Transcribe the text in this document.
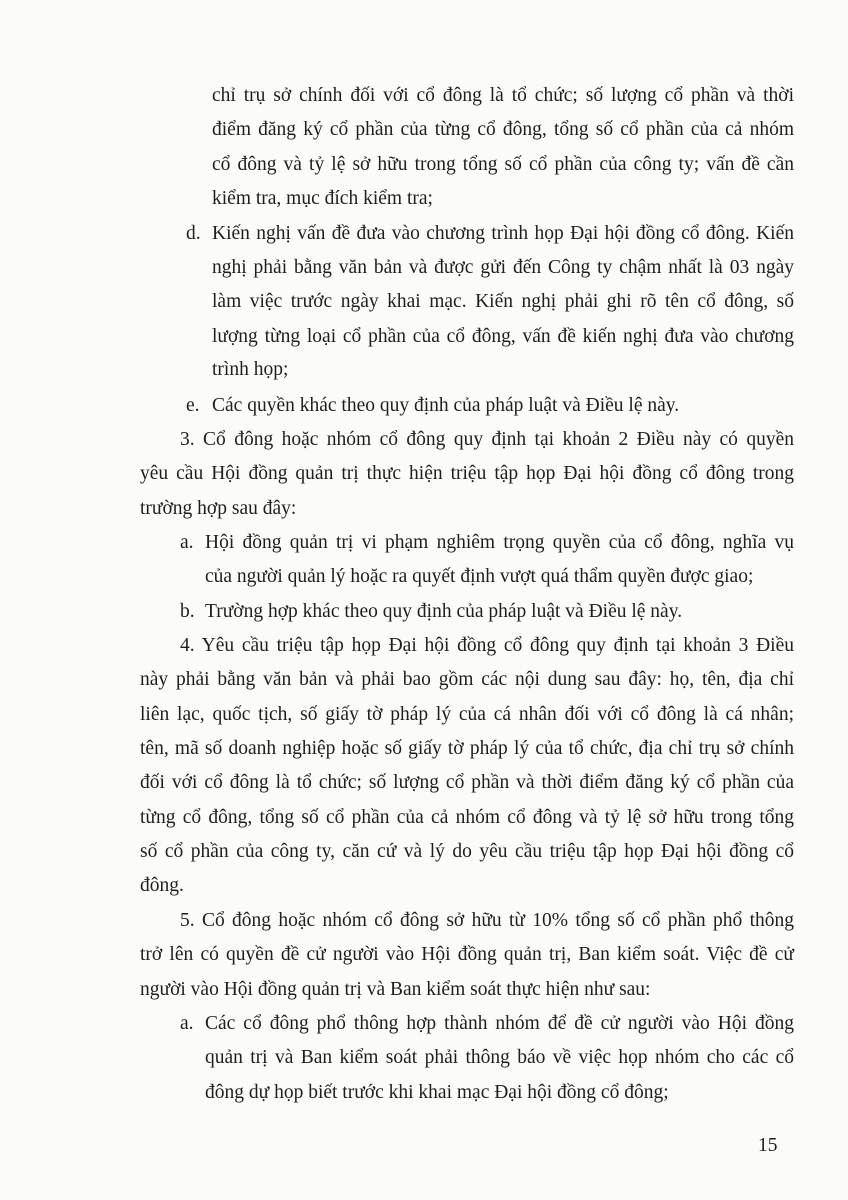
chỉ trụ sở chính đối với cổ đông là tổ chức; số lượng cổ phần và thời
điểm đăng ký cổ phần của từng cổ đông, tổng số cổ phần của cả nhóm
cổ đông và tỷ lệ sở hữu trong tổng số cổ phần của công ty; vấn đề cần
kiểm tra, mục đích kiểm tra;
d. Kiến nghị vấn đề đưa vào chương trình họp Đại hội đồng cổ đông. Kiến
nghị phải bằng văn bản và được gửi đến Công ty chậm nhất là 03 ngày
làm việc trước ngày khai mạc. Kiến nghị phải ghi rõ tên cổ đông, số
lượng từng loại cổ phần của cổ đông, vấn đề kiến nghị đưa vào chương
trình họp;
e. Các quyền khác theo quy định của pháp luật và Điều lệ này.
3. Cổ đông hoặc nhóm cổ đông quy định tại khoản 2 Điều này có quyền
yêu cầu Hội đồng quản trị thực hiện triệu tập họp Đại hội đồng cổ đông trong
trường hợp sau đây:
a. Hội đồng quản trị vi phạm nghiêm trọng quyền của cổ đông, nghĩa vụ
của người quản lý hoặc ra quyết định vượt quá thẩm quyền được giao;
b. Trường hợp khác theo quy định của pháp luật và Điều lệ này.
4. Yêu cầu triệu tập họp Đại hội đồng cổ đông quy định tại khoản 3 Điều
này phải bằng văn bản và phải bao gồm các nội dung sau đây: họ, tên, địa chỉ
liên lạc, quốc tịch, số giấy tờ pháp lý của cá nhân đối với cổ đông là cá nhân;
tên, mã số doanh nghiệp hoặc số giấy tờ pháp lý của tổ chức, địa chỉ trụ sở chính
đối với cổ đông là tổ chức; số lượng cổ phần và thời điểm đăng ký cổ phần của
từng cổ đông, tổng số cổ phần của cả nhóm cổ đông và tỷ lệ sở hữu trong tổng
số cổ phần của công ty, căn cứ và lý do yêu cầu triệu tập họp Đại hội đồng cổ
đông.
5. Cổ đông hoặc nhóm cổ đông sở hữu từ 10% tổng số cổ phần phổ thông
trở lên có quyền đề cử người vào Hội đồng quản trị, Ban kiểm soát. Việc đề cử
người vào Hội đồng quản trị và Ban kiểm soát thực hiện như sau:
a. Các cổ đông phổ thông hợp thành nhóm để đề cử người vào Hội đồng
quản trị và Ban kiểm soát phải thông báo về việc họp nhóm cho các cổ
đông dự họp biết trước khi khai mạc Đại hội đồng cổ đông;
15
